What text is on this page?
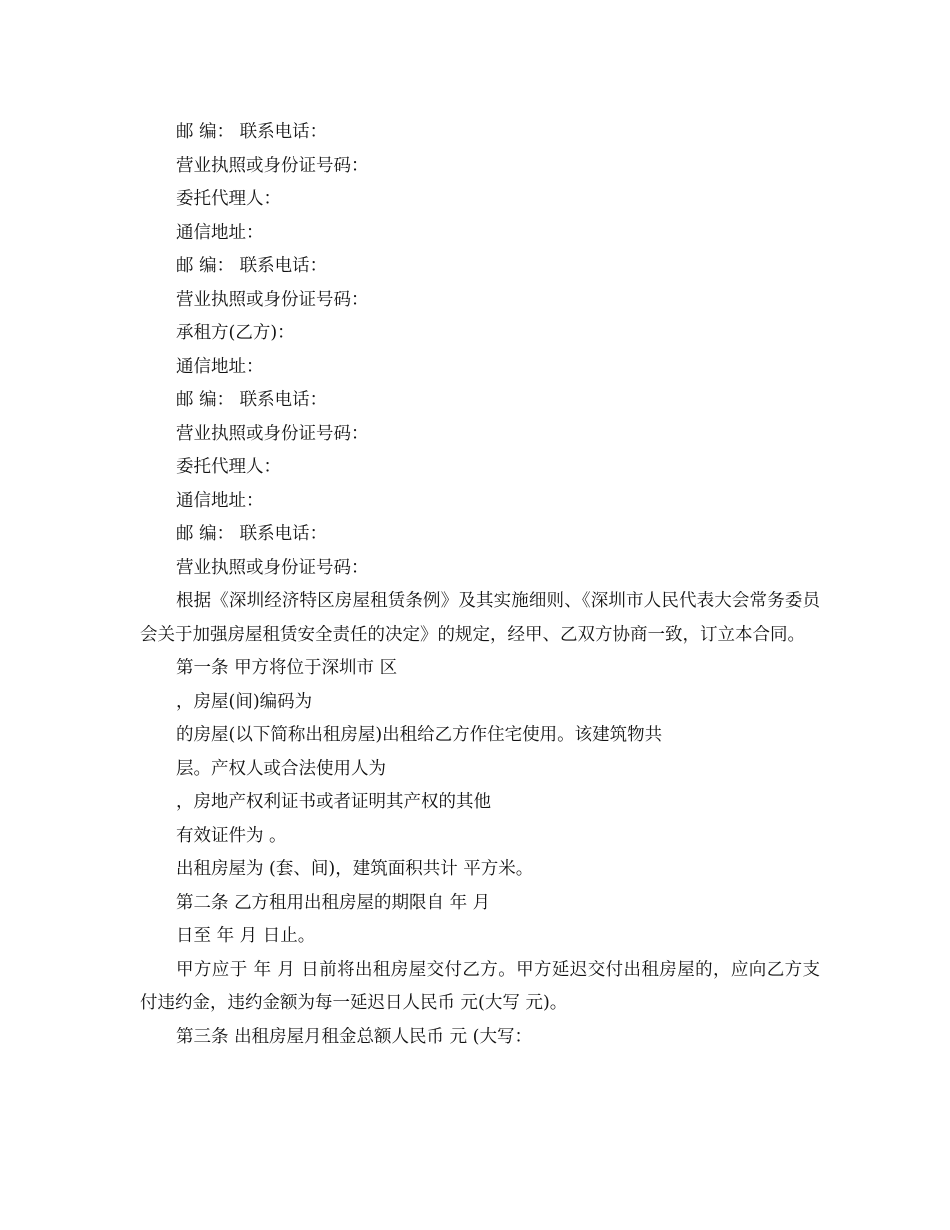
邮 编： 联系电话：

营业执照或身份证号码：

委托代理人：

通信地址：

邮 编： 联系电话：

营业执照或身份证号码：

承租方(乙方)：

通信地址：

邮 编： 联系电话：

营业执照或身份证号码：

委托代理人：

通信地址：

邮 编： 联系电话：

营业执照或身份证号码：

根据《深圳经济特区房屋租赁条例》及其实施细则、《深圳市人民代表大会常务委员会关于加强房屋租赁安全责任的决定》的规定，经甲、乙双方协商一致，订立本合同。

第一条 甲方将位于深圳市 区

，房屋(间)编码为

的房屋(以下简称出租房屋)出租给乙方作住宅使用。该建筑物共

层。产权人或合法使用人为

，房地产权利证书或者证明其产权的其他

有效证件为 。

出租房屋为 (套、间)，建筑面积共计 平方米。

第二条 乙方租用出租房屋的期限自 年 月

日至 年 月 日止。

甲方应于 年 月 日前将出租房屋交付乙方。甲方延迟交付出租房屋的，应向乙方支付违约金，违约金额为每一延迟日人民币 元(大写 元)。

第三条 出租房屋月租金总额人民币 元 (大写：
